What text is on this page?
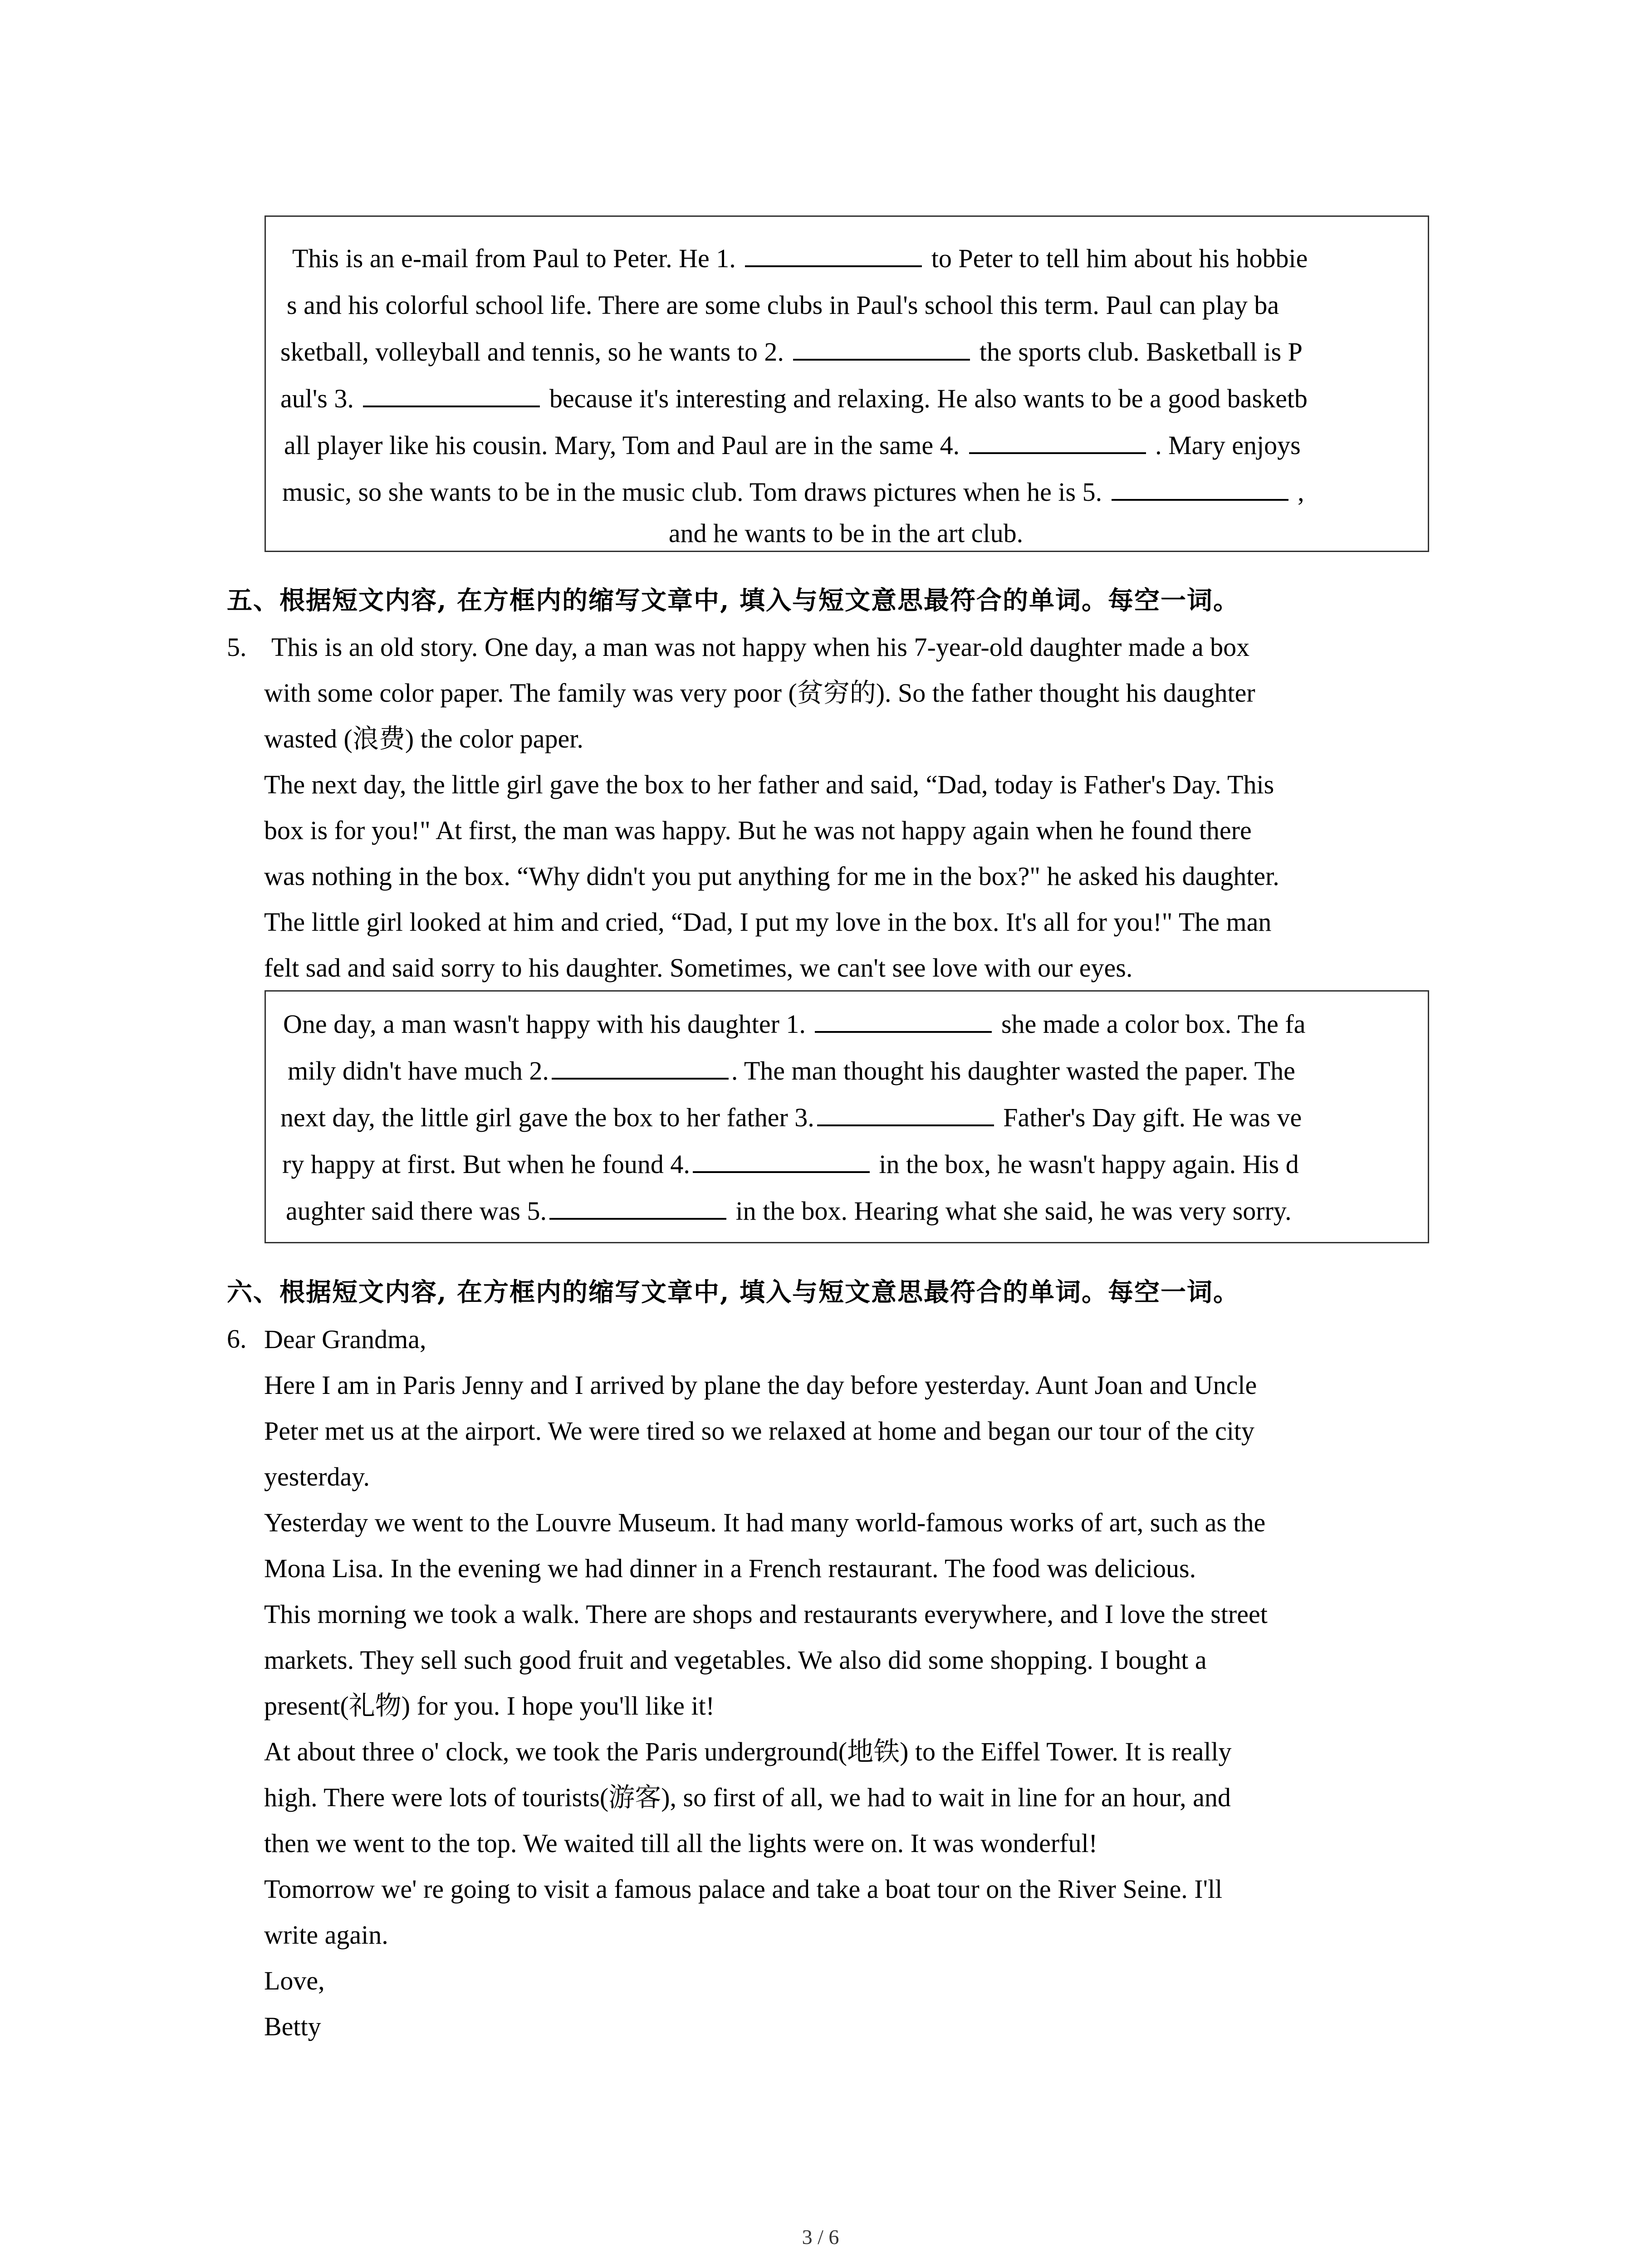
This is an e-mail from Paul to Peter. He 1.	to Peter to tell him about his hobbie
s and his colorful school life. There are some clubs in Paul's school this term. Paul can play ba
sketball, volleyball and tennis, so he wants to 2.	the sports club. Basketball is P
aul's 3.	because it's interesting and relaxing. He also wants to be a good basketb
all player like his cousin. Mary, Tom and Paul are in the same 4.	. Mary enjoys
music, so she wants to be in the music club. Tom draws pictures when he is 5.	,
and he wants to be in the art club.
五、根据短文内容, 在方框内的缩写文章中, 填入与短文意思最符合的单词。每空一词。
5. This is an old story. One day, a man was not happy when his 7-year-old daughter made a box

with some color paper. The family was very poor (贫穷的). So the father thought his daughter

wasted (浪费) the color paper.

The next day, the little girl gave the box to her father and said, “Dad, today is Father's Day. This

box is for you!" At first, the man was happy. But he was not happy again when he found there

was nothing in the box. “Why didn't you put anything for me in the box?" he asked his daughter.

The little girl looked at him and cried, “Dad, I put my love in the box. It's all for you!" The man

felt sad and said sorry to his daughter. Sometimes, we can't see love with our eyes.

One day, a man wasn't happy with his daughter 1.	she made a color box. The fa
mily didn't have much 2.	. The man thought his daughter wasted the paper. The
next day, the little girl gave the box to her father 3.	Father's Day gift. He was ve
ry happy at first. But when he found 4.	in the box, he wasn't happy again. His d
aughter said there was 5.	in the box. Hearing what she said, he was very sorry.
六、根据短文内容, 在方框内的缩写文章中, 填入与短文意思最符合的单词。每空一词。
6. Dear Grandma,

Here I am in Paris Jenny and I arrived by plane the day before yesterday. Aunt Joan and Uncle

Peter met us at the airport. We were tired so we relaxed at home and began our tour of the city

yesterday.

Yesterday we went to the Louvre Museum. It had many world-famous works of art, such as the

Mona Lisa. In the evening we had dinner in a French restaurant. The food was delicious.

This morning we took a walk. There are shops and restaurants everywhere, and I love the street

markets. They sell such good fruit and vegetables. We also did some shopping. I bought a

present(礼物) for you. I hope you'll like it!

At about three o' clock, we took the Paris underground(地铁) to the Eiffel Tower. It is really

high. There were lots of tourists(游客), so first of all, we had to wait in line for an hour, and

then we went to the top. We waited till all the lights were on. It was wonderful!

Tomorrow we' re going to visit a famous palace and take a boat tour on the River Seine. I'll

write again.

Love,

Betty

3 / 6
